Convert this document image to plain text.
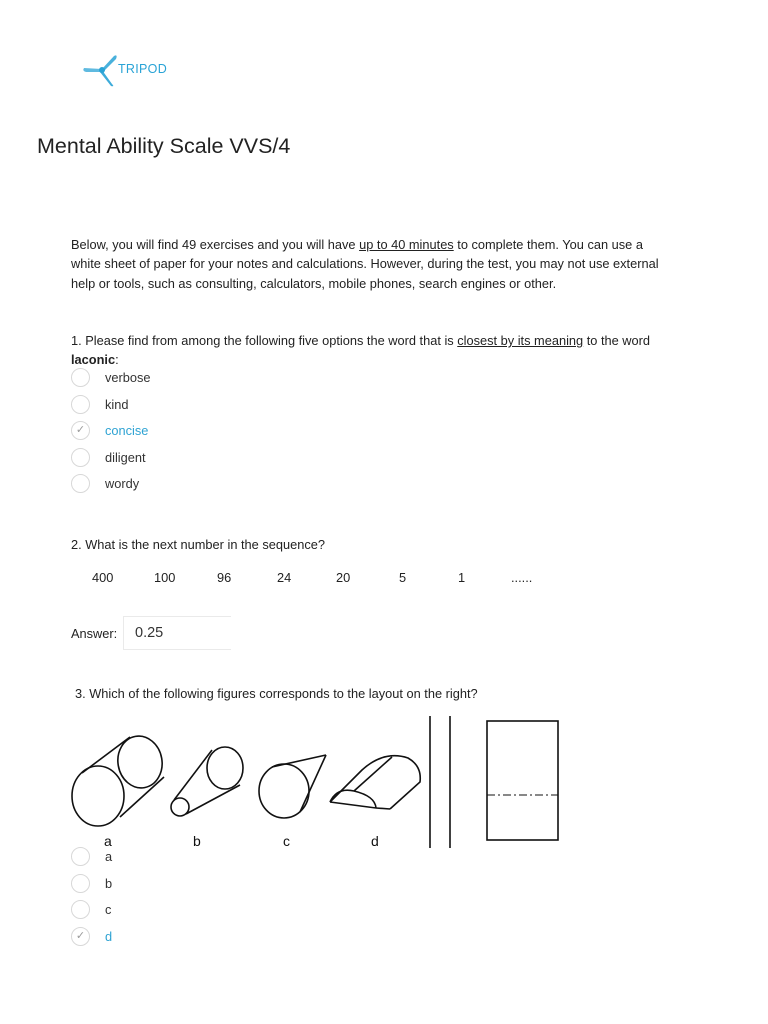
TRIPOD
Mental Ability Scale VVS/4

Below, you will find 49 exercises and you will have up to 40 minutes to complete them. You can use a white sheet of paper for your notes and calculations. However, during the test, you may not use external help or tools, such as consulting, calculators, mobile phones, search engines or other.

1. Please find from among the following five options the word that is closest by its meaning to the word laconic:

verbose
kind
✓	concise
diligent
wordy

2. What is the next number in the sequence?

400	100	96	24	20	5	1	......
Answer: 0.25

3. Which of the following figures corresponds to the layout on the right?

a	b	c	d
a
b
c
✓	d
